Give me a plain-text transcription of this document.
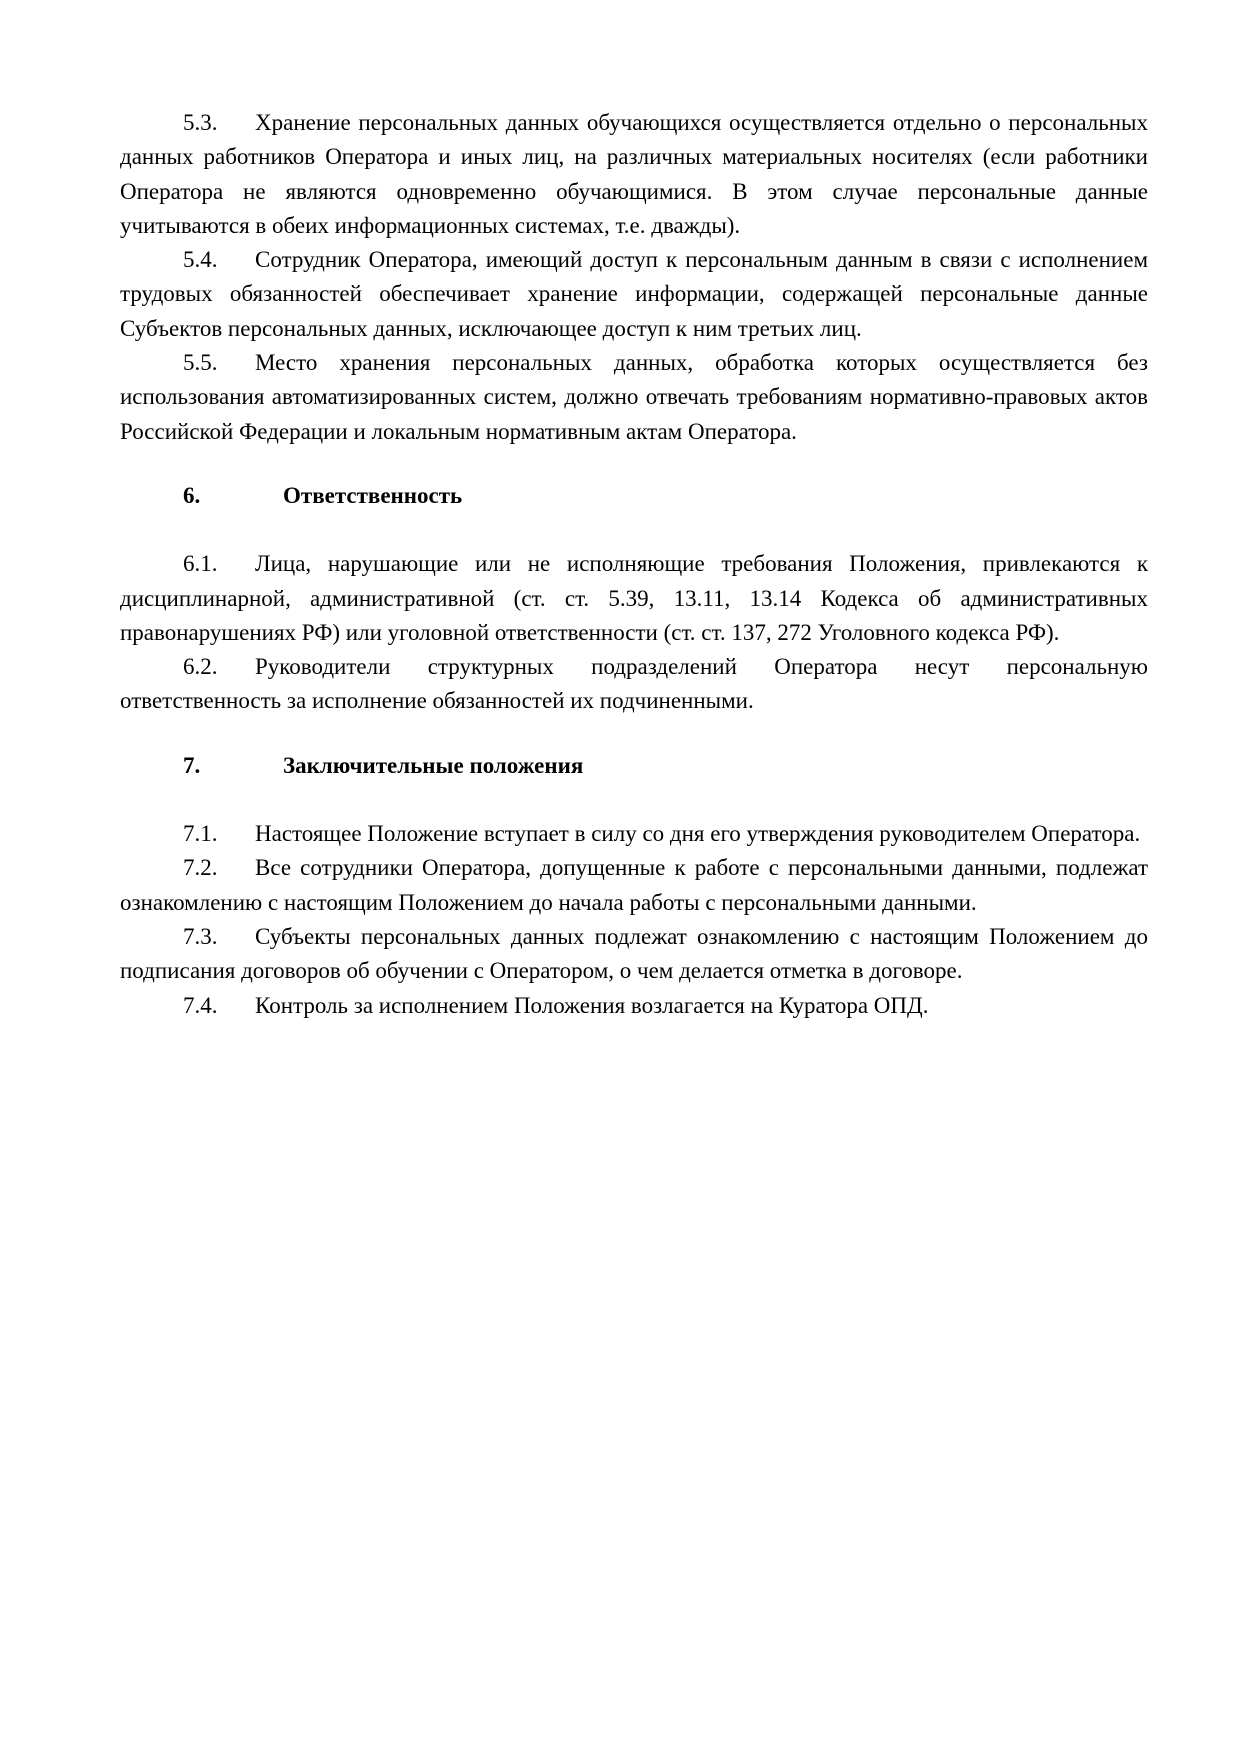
5.3. Хранение персональных данных обучающихся осуществляется отдельно о персональных данных работников Оператора и иных лиц, на различных материальных носителях (если работники Оператора не являются одновременно обучающимися. В этом случае персональные данные учитываются в обеих информационных системах, т.е. дважды).

5.4. Сотрудник Оператора, имеющий доступ к персональным данным в связи с исполнением трудовых обязанностей обеспечивает хранение информации, содержащей персональные данные Субъектов персональных данных, исключающее доступ к ним третьих лиц.

5.5. Место хранения персональных данных, обработка которых осуществляется без использования автоматизированных систем, должно отвечать требованиям нормативно-правовых актов Российской Федерации и локальным нормативным актам Оператора.

6.	Ответственность

6.1. Лица, нарушающие или не исполняющие требования Положения, привлекаются к дисциплинарной, административной (ст. ст. 5.39, 13.11, 13.14 Кодекса об административных правонарушениях РФ) или уголовной ответственности (ст. ст. 137, 272 Уголовного кодекса РФ).

6.2. Руководители структурных подразделений Оператора несут персональную ответственность за исполнение обязанностей их подчиненными.

7.	Заключительные положения

7.1. Настоящее Положение вступает в силу со дня его утверждения руководителем Оператора.

7.2. Все сотрудники Оператора, допущенные к работе с персональными данными, подлежат ознакомлению с настоящим Положением до начала работы с персональными данными.

7.3. Субъекты персональных данных подлежат ознакомлению с настоящим Положением до подписания договоров об обучении с Оператором, о чем делается отметка в договоре.

7.4. Контроль за исполнением Положения возлагается на Куратора ОПД.
